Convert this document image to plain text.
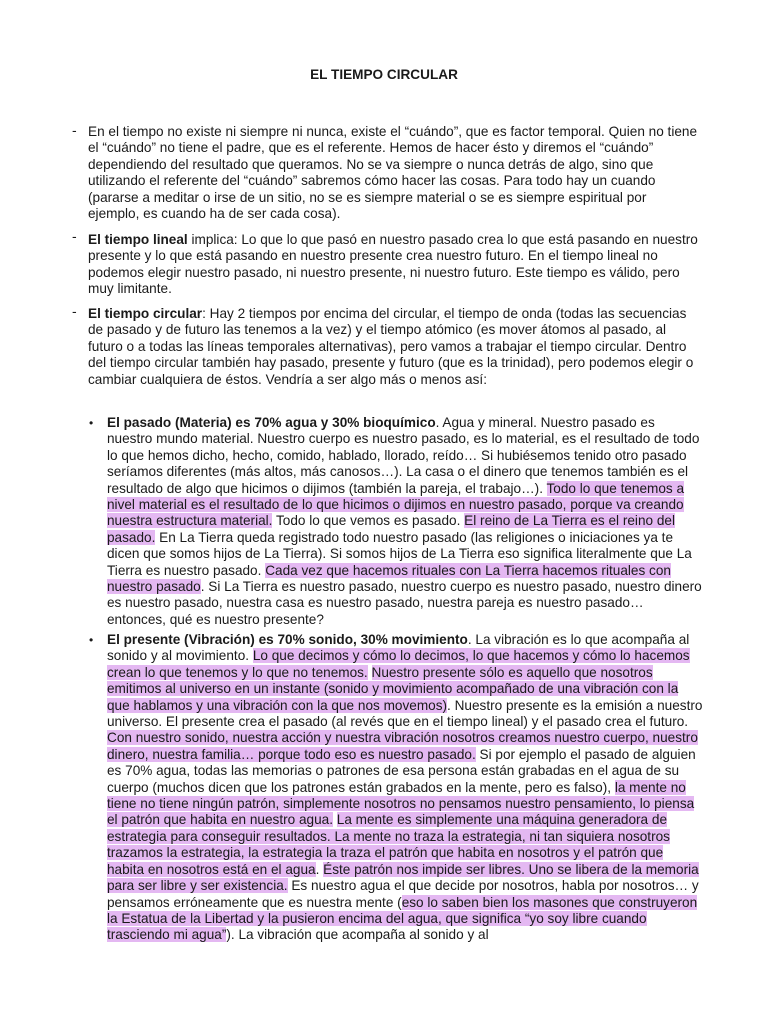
EL TIEMPO CIRCULAR
- En el tiempo no existe ni siempre ni nunca, existe el “cuándo”, que es factor temporal. Quien no tiene el “cuándo” no tiene el padre, que es el referente. Hemos de hacer ésto y diremos el “cuándo” dependiendo del resultado que queramos. No se va siempre o nunca detrás de algo, sino que utilizando el referente del “cuándo” sabremos cómo hacer las cosas. Para todo hay un cuando (pararse a meditar o irse de un sitio, no se es siempre material o se es siempre espiritual por ejemplo, es cuando ha de ser cada cosa).

- El tiempo lineal implica: Lo que lo que pasó en nuestro pasado crea lo que está pasando en nuestro presente y lo que está pasando en nuestro presente crea nuestro futuro. En el tiempo lineal no podemos elegir nuestro pasado, ni nuestro presente, ni nuestro futuro. Este tiempo es válido, pero muy limitante.

- El tiempo circular: Hay 2 tiempos por encima del circular, el tiempo de onda (todas las secuencias de pasado y de futuro las tenemos a la vez) y el tiempo atómico (es mover átomos al pasado, al futuro o a todas las líneas temporales alternativas), pero vamos a trabajar el tiempo circular. Dentro del tiempo circular también hay pasado, presente y futuro (que es la trinidad), pero podemos elegir o cambiar cualquiera de éstos. Vendría a ser algo más o menos así:

• El pasado (Materia) es 70% agua y 30% bioquímico. Agua y mineral. Nuestro pasado es nuestro mundo material. Nuestro cuerpo es nuestro pasado, es lo material, es el resultado de todo lo que hemos dicho, hecho, comido, hablado, llorado, reído… Si hubiésemos tenido otro pasado seríamos diferentes (más altos, más canosos…). La casa o el dinero que tenemos también es el resultado de algo que hicimos o dijimos (también la pareja, el trabajo…). Todo lo que tenemos a nivel material es el resultado de lo que hicimos o dijimos en nuestro pasado, porque va creando nuestra estructura material. Todo lo que vemos es pasado. El reino de La Tierra es el reino del pasado. En La Tierra queda registrado todo nuestro pasado (las religiones o iniciaciones ya te dicen que somos hijos de La Tierra). Si somos hijos de La Tierra eso significa literalmente que La Tierra es nuestro pasado. Cada vez que hacemos rituales con La Tierra hacemos rituales con nuestro pasado. Si La Tierra es nuestro pasado, nuestro cuerpo es nuestro pasado, nuestro dinero es nuestro pasado, nuestra casa es nuestro pasado, nuestra pareja es nuestro pasado… entonces, qué es nuestro presente?

• El presente (Vibración) es 70% sonido, 30% movimiento. La vibración es lo que acompaña al sonido y al movimiento. Lo que decimos y cómo lo decimos, lo que hacemos y cómo lo hacemos crean lo que tenemos y lo que no tenemos. Nuestro presente sólo es aquello que nosotros emitimos al universo en un instante (sonido y movimiento acompañado de una vibración con la que hablamos y una vibración con la que nos movemos). Nuestro presente es la emisión a nuestro universo. El presente crea el pasado (al revés que en el tiempo lineal) y el pasado crea el futuro. Con nuestro sonido, nuestra acción y nuestra vibración nosotros creamos nuestro cuerpo, nuestro dinero, nuestra familia… porque todo eso es nuestro pasado. Si por ejemplo el pasado de alguien es 70% agua, todas las memorias o patrones de esa persona están grabadas en el agua de su cuerpo (muchos dicen que los patrones están grabados en la mente, pero es falso), la mente no tiene no tiene ningún patrón, simplemente nosotros no pensamos nuestro pensamiento, lo piensa el patrón que habita en nuestro agua. La mente es simplemente una máquina generadora de estrategia para conseguir resultados. La mente no traza la estrategia, ni tan siquiera nosotros trazamos la estrategia, la estrategia la traza el patrón que habita en nosotros y el patrón que habita en nosotros está en el agua. Éste patrón nos impide ser libres. Uno se libera de la memoria para ser libre y ser existencia. Es nuestro agua el que decide por nosotros, habla por nosotros… y pensamos erróneamente que es nuestra mente (eso lo saben bien los masones que construyeron la Estatua de la Libertad y la pusieron encima del agua, que significa “yo soy libre cuando trasciendo mi agua”). La vibración que acompaña al sonido y al
